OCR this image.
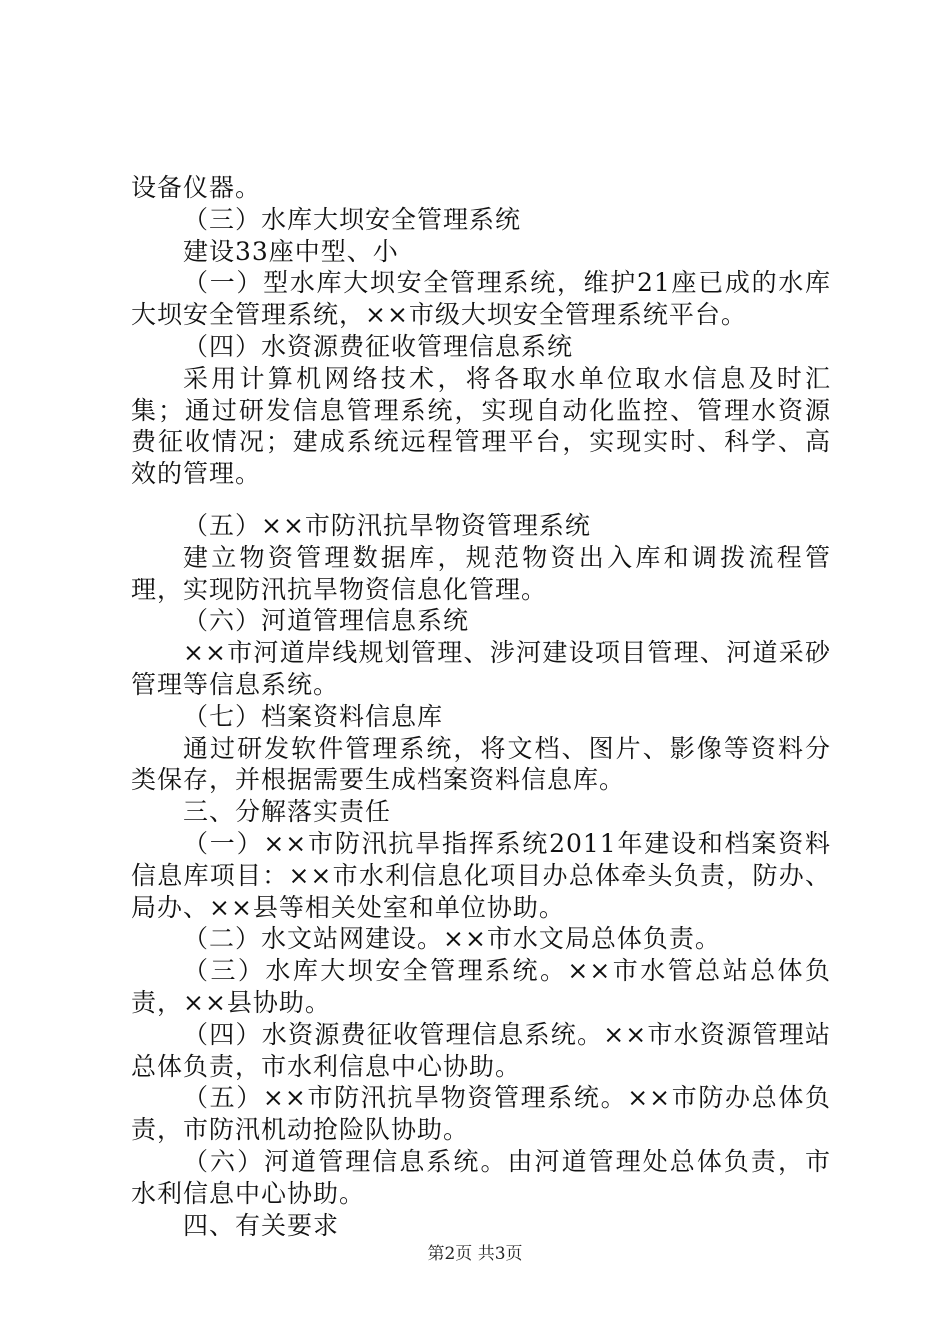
设备仪器。

（三）水库大坝安全管理系统

建设33座中型、小

（一）型水库大坝安全管理系统，维护21座已成的水库大坝安全管理系统，××市级大坝安全管理系统平台。

（四）水资源费征收管理信息系统

采用计算机网络技术，将各取水单位取水信息及时汇集；通过研发信息管理系统，实现自动化监控、管理水资源费征收情况；建成系统远程管理平台，实现实时、科学、高效的管理。

（五）××市防汛抗旱物资管理系统

建立物资管理数据库，规范物资出入库和调拨流程管理，实现防汛抗旱物资信息化管理。

（六）河道管理信息系统

××市河道岸线规划管理、涉河建设项目管理、河道采砂管理等信息系统。

（七）档案资料信息库

通过研发软件管理系统，将文档、图片、影像等资料分类保存，并根据需要生成档案资料信息库。

三、分解落实责任

（一）××市防汛抗旱指挥系统2011年建设和档案资料信息库项目：××市水利信息化项目办总体牵头负责，防办、局办、××县等相关处室和单位协助。

（二）水文站网建设。××市水文局总体负责。

（三）水库大坝安全管理系统。××市水管总站总体负责，××县协助。

（四）水资源费征收管理信息系统。××市水资源管理站总体负责，市水利信息中心协助。

（五）××市防汛抗旱物资管理系统。××市防办总体负责，市防汛机动抢险队协助。

（六）河道管理信息系统。由河道管理处总体负责，市水利信息中心协助。

四、有关要求

第2页 共3页
